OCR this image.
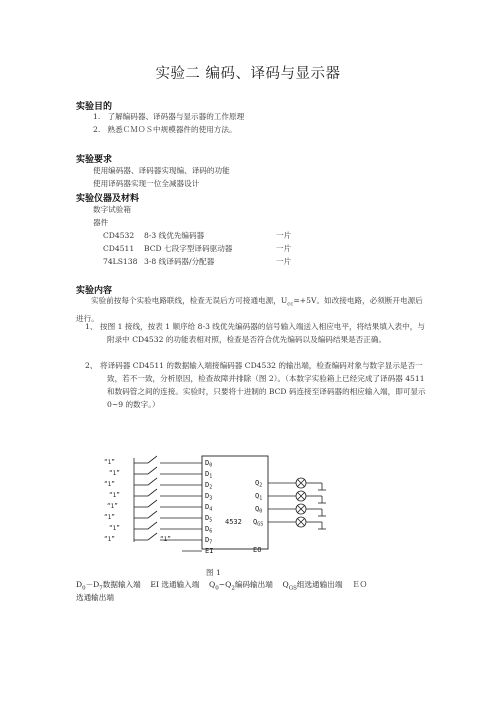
实验二 编码、译码与显示器
实验目的
1. 了解编码器、译码器与显示器的工作原理
2. 熟悉ＣＭＯＳ中规模器件的使用方法。
实验要求
使用编码器、译码器实现编、译码的功能
使用译码器实现一位全减器设计
实验仪器及材料
数字试验箱
器件
CD4532 8-3 线优先编码器	一片
CD4511 BCD 七段字型译码驱动器	一片
74LS138 3-8 线译码器/分配器	一片
实验内容
实验前按每个实验电路联线，检查无误后方可接通电源，$U_{cc}=+5V$。如改接电路，必须断开电源后进行。
1、 按图 1 接线，按表 1 顺序给 8-3 线优先编码器的信号输入端送入相应电平，将结果填入表中，与附录中 CD4532 的功能表相对照，检查是否符合优先编码以及编码结果是否正确。
2、 将译码器 CD4511 的数据输入端接编码器 CD4532 的输出端，检查编码对象与数字显示是否一致，若不一致，分析原因，检查故障并排除（图 2）。（本数字实验箱上已经完成了译码器 4511 和数码管之间的连接。实验时，只要将十进制的 BCD 码连接至译码器的相应输入端，即可显示 0~9 的数字。）
“1”
“1”
“1”
“1”
“1”
“1”
“1”
“1”
$D_0$
$D_1$
$D_2$
$D_3$
$D_4$
$D_5$
$D_6$
$D_7$
“1”
EI
4532
$Q_2$
$Q_1$
$Q_0$
$Q_{GS}$
EO
图 1
$D_0-D_7$数据输入端 EI 选通输入端 $Q_0\sim Q_2$编码输出端 $Q_{GS}$组选通输出端 ＥＯ
选通输出端
